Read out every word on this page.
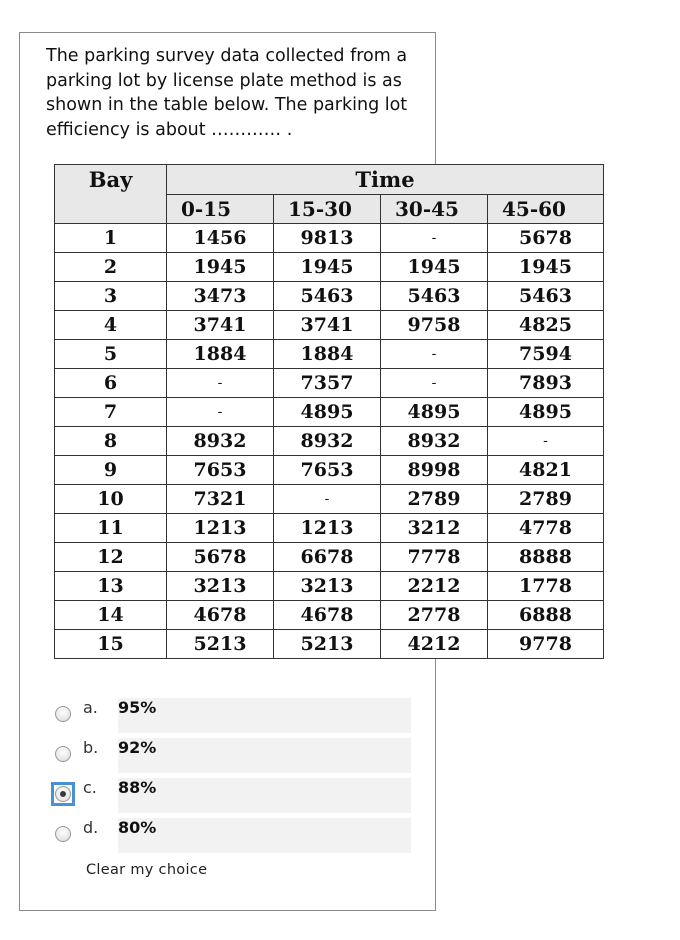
The parking survey data collected from a parking lot by license plate method is as shown in the table below. The parking lot efficiency is about ………… .
Bay	Time			
	0-15	15-30	30-45	45-60
1	1456	9813	-	5678
2	1945	1945	1945	1945
3	3473	5463	5463	5463
4	3741	3741	9758	4825
5	1884	1884	-	7594
6	-	7357	-	7893
7	-	4895	4895	4895
8	8932	8932	8932	-
9	7653	7653	8998	4821
10	7321	-	2789	2789
11	1213	1213	3212	4778
12	5678	6678	7778	8888
13	3213	3213	2212	1778
14	4678	4678	2778	6888
15	5213	5213	4212	9778
a. 95%
b. 92%
c. 88%
d. 80%
Clear my choice
